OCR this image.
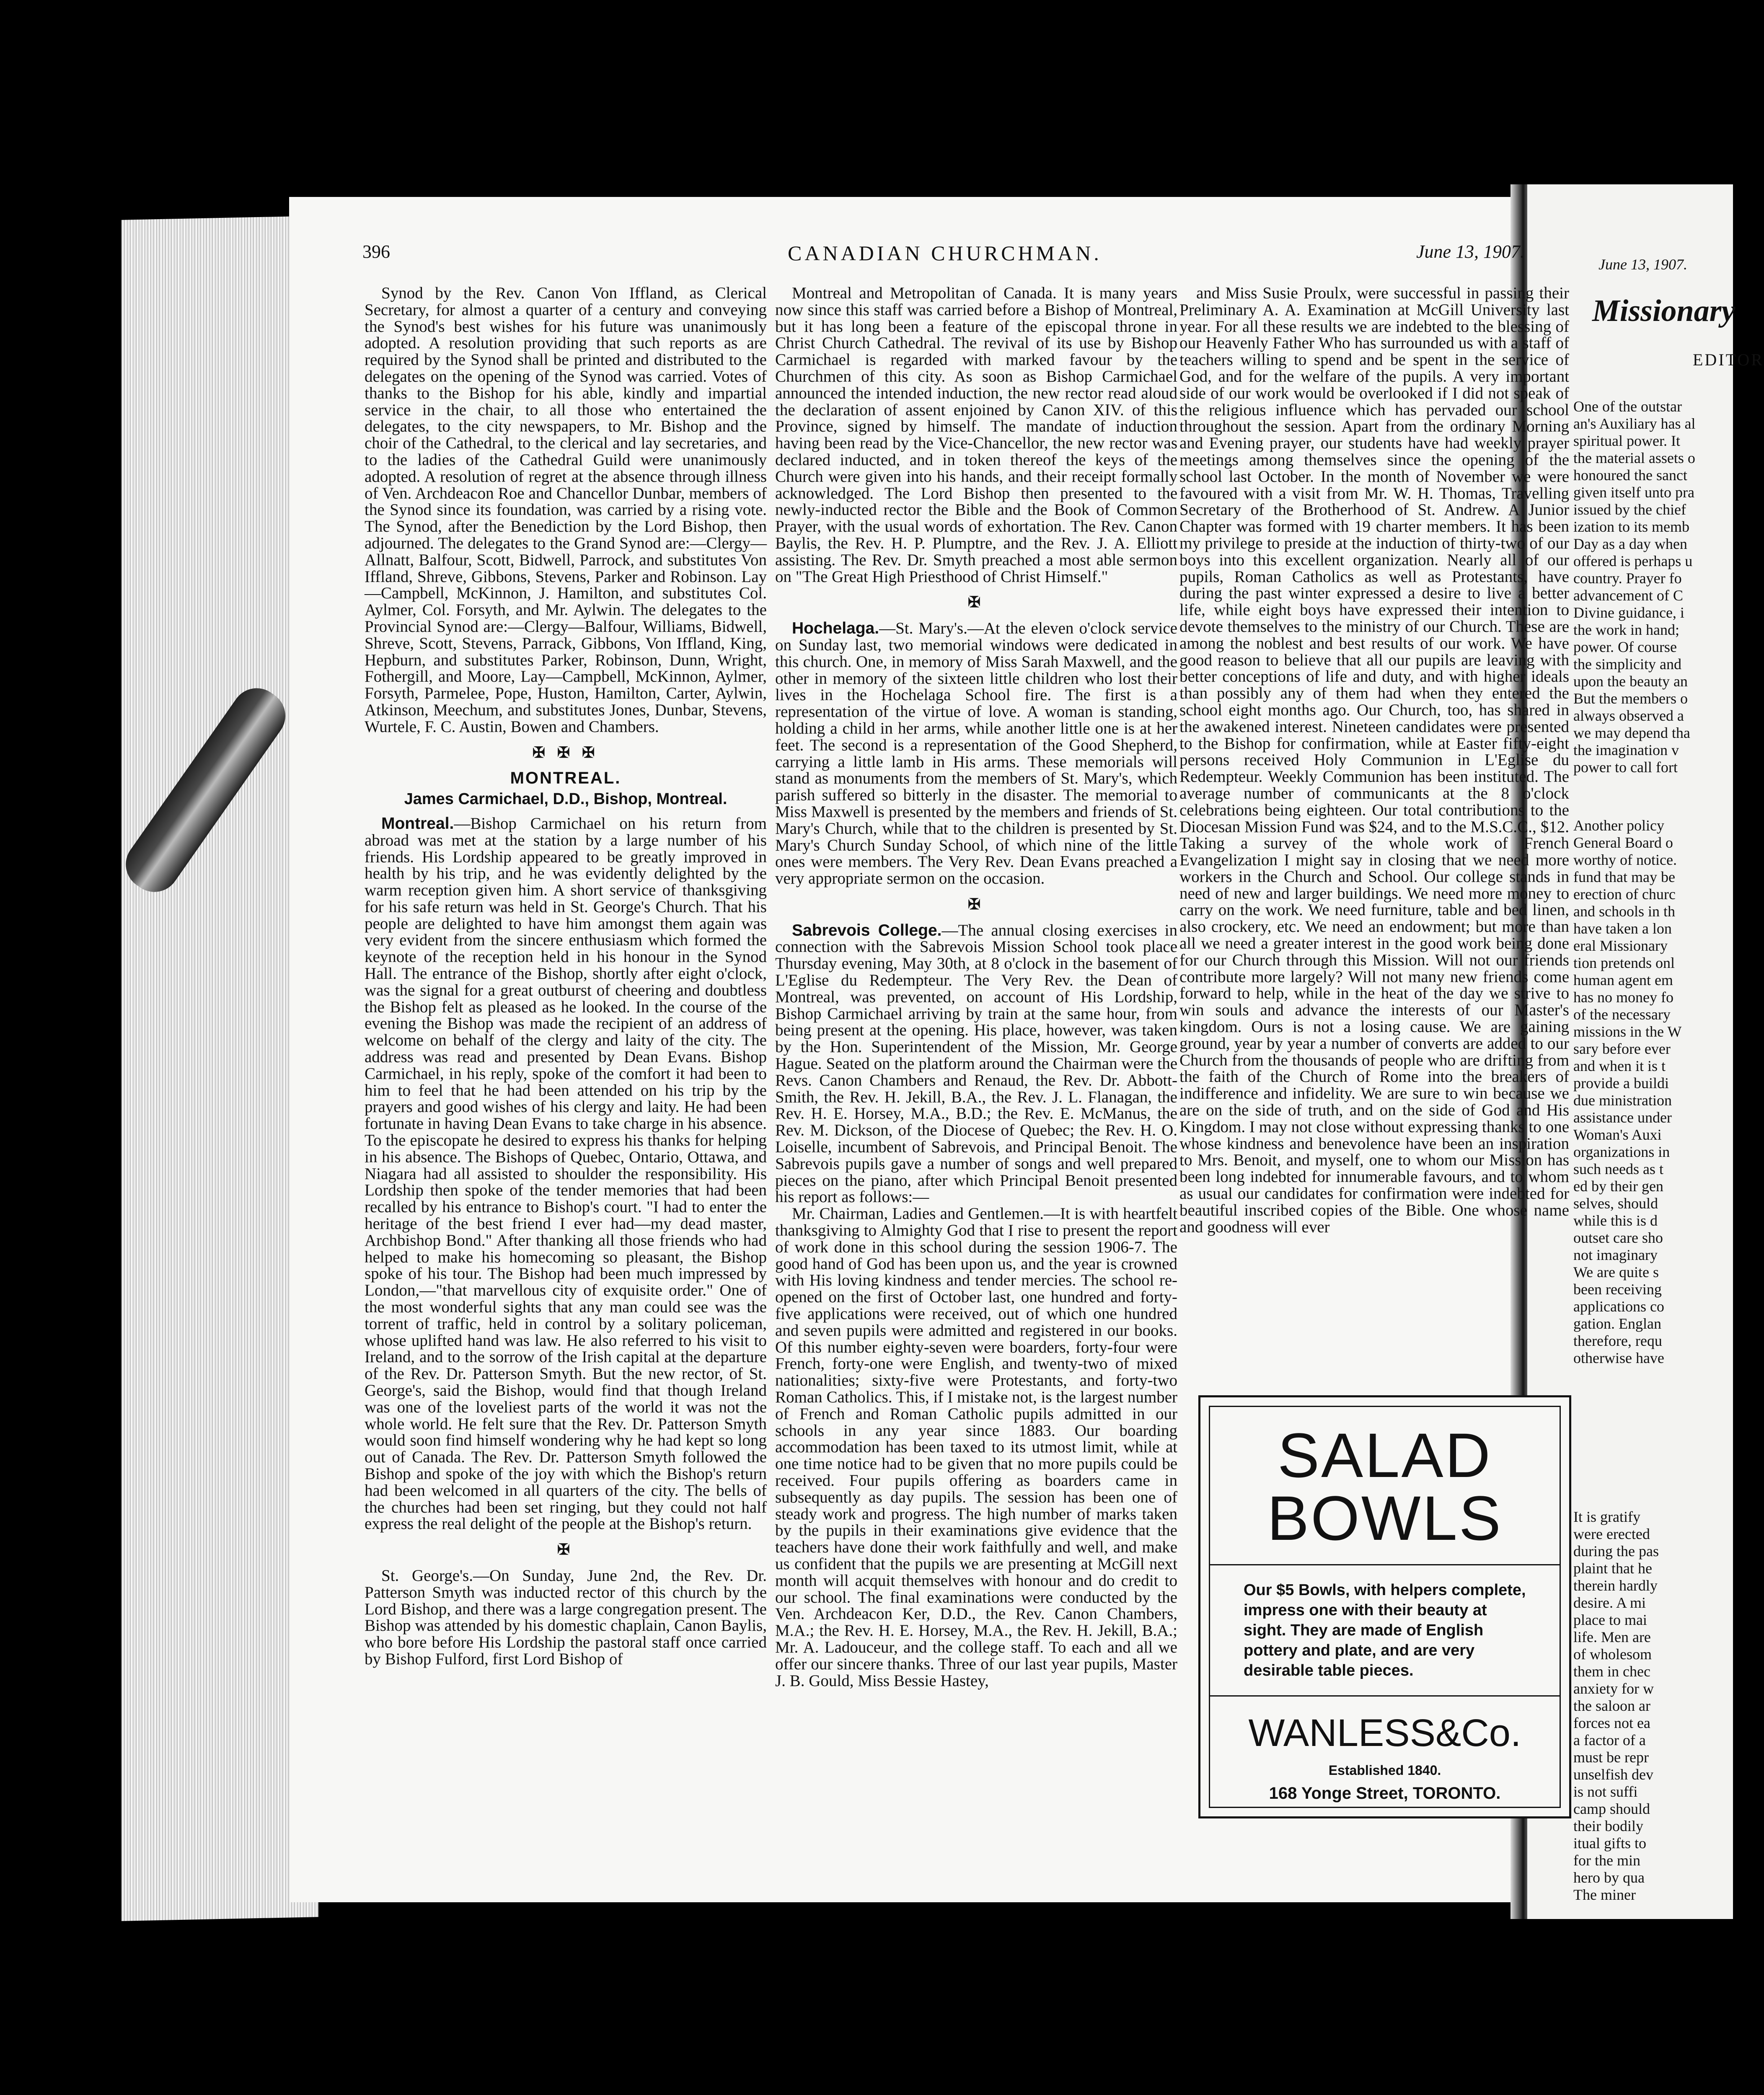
396	CANADIAN CHURCHMAN.	June 13, 1907.

Synod by the Rev. Canon Von Iffland, as Clerical Secretary, for almost a quarter of a century and conveying the Synod's best wishes for his future was unanimously adopted. A resolution providing that such reports as are required by the Synod shall be printed and distributed to the delegates on the opening of the Synod was carried. Votes of thanks to the Bishop for his able, kindly and impartial service in the chair, to all those who entertained the delegates, to the city newspapers, to Mr. Bishop and the choir of the Cathedral, to the clerical and lay secretaries, and to the ladies of the Cathedral Guild were unanimously adopted. A resolution of regret at the absence through illness of Ven. Archdeacon Roe and Chancellor Dunbar, members of the Synod since its foundation, was carried by a rising vote. The Synod, after the Benediction by the Lord Bishop, then adjourned. The delegates to the Grand Synod are:—Clergy—Allnatt, Balfour, Scott, Bidwell, Parrock, and substitutes Von Iffland, Shreve, Gibbons, Stevens, Parker and Robinson. Lay—Campbell, McKinnon, J. Hamilton, and substitutes Col. Aylmer, Col. Forsyth, and Mr. Aylwin. The delegates to the Provincial Synod are:—Clergy—Balfour, Williams, Bidwell, Shreve, Scott, Stevens, Parrack, Gibbons, Von Iffland, King, Hepburn, and substitutes Parker, Robinson, Dunn, Wright, Fothergill, and Moore, Lay—Campbell, McKinnon, Aylmer, Forsyth, Parmelee, Pope, Huston, Hamilton, Carter, Aylwin, Atkinson, Meechum, and substitutes Jones, Dunbar, Stevens, Wurtele, F. C. Austin, Bowen and Chambers.

✠ ✠ ✠
MONTREAL.
James Carmichael, D.D., Bishop, Montreal.

Montreal.—Bishop Carmichael on his return from abroad was met at the station by a large number of his friends. His Lordship appeared to be greatly improved in health by his trip, and he was evidently delighted by the warm reception given him. A short service of thanksgiving for his safe return was held in St. George's Church. That his people are delighted to have him amongst them again was very evident from the sincere enthusiasm which formed the keynote of the reception held in his honour in the Synod Hall. The entrance of the Bishop, shortly after eight o'clock, was the signal for a great outburst of cheering and doubtless the Bishop felt as pleased as he looked. In the course of the evening the Bishop was made the recipient of an address of welcome on behalf of the clergy and laity of the city. The address was read and presented by Dean Evans. Bishop Carmichael, in his reply, spoke of the comfort it had been to him to feel that he had been attended on his trip by the prayers and good wishes of his clergy and laity. He had been fortunate in having Dean Evans to take charge in his absence. To the episcopate he desired to express his thanks for helping in his absence. The Bishops of Quebec, Ontario, Ottawa, and Niagara had all assisted to shoulder the responsibility. His Lordship then spoke of the tender memories that had been recalled by his entrance to Bishop's court. "I had to enter the heritage of the best friend I ever had—my dead master, Archbishop Bond." After thanking all those friends who had helped to make his homecoming so pleasant, the Bishop spoke of his tour. The Bishop had been much impressed by London,—"that marvellous city of exquisite order." One of the most wonderful sights that any man could see was the torrent of traffic, held in control by a solitary policeman, whose uplifted hand was law. He also referred to his visit to Ireland, and to the sorrow of the Irish capital at the departure of the Rev. Dr. Patterson Smyth. But the new rector, of St. George's, said the Bishop, would find that though Ireland was one of the loveliest parts of the world it was not the whole world. He felt sure that the Rev. Dr. Patterson Smyth would soon find himself wondering why he had kept so long out of Canada. The Rev. Dr. Patterson Smyth followed the Bishop and spoke of the joy with which the Bishop's return had been welcomed in all quarters of the city. The bells of the churches had been set ringing, but they could not half express the real delight of the people at the Bishop's return.

✠

St. George's.—On Sunday, June 2nd, the Rev. Dr. Patterson Smyth was inducted rector of this church by the Lord Bishop, and there was a large congregation present. The Bishop was attended by his domestic chaplain, Canon Baylis, who bore before His Lordship the pastoral staff once carried by Bishop Fulford, first Lord Bishop of

Montreal and Metropolitan of Canada. It is many years now since this staff was carried before a Bishop of Montreal, but it has long been a feature of the episcopal throne in Christ Church Cathedral. The revival of its use by Bishop Carmichael is regarded with marked favour by the Churchmen of this city. As soon as Bishop Carmichael announced the intended induction, the new rector read aloud the declaration of assent enjoined by Canon XIV. of this Province, signed by himself. The mandate of induction having been read by the Vice-Chancellor, the new rector was declared inducted, and in token thereof the keys of the Church were given into his hands, and their receipt formally acknowledged. The Lord Bishop then presented to the newly-inducted rector the Bible and the Book of Common Prayer, with the usual words of exhortation. The Rev. Canon Baylis, the Rev. H. P. Plumptre, and the Rev. J. A. Elliott assisting. The Rev. Dr. Smyth preached a most able sermon on "The Great High Priesthood of Christ Himself."

✠

Hochelaga.—St. Mary's.—At the eleven o'clock service on Sunday last, two memorial windows were dedicated in this church. One, in memory of Miss Sarah Maxwell, and the other in memory of the sixteen little children who lost their lives in the Hochelaga School fire. The first is a representation of the virtue of love. A woman is standing, holding a child in her arms, while another little one is at her feet. The second is a representation of the Good Shepherd, carrying a little lamb in His arms. These memorials will stand as monuments from the members of St. Mary's, which parish suffered so bitterly in the disaster. The memorial to Miss Maxwell is presented by the members and friends of St. Mary's Church, while that to the children is presented by St. Mary's Church Sunday School, of which nine of the little ones were members. The Very Rev. Dean Evans preached a very appropriate sermon on the occasion.

✠

Sabrevois College.—The annual closing exercises in connection with the Sabrevois Mission School took place Thursday evening, May 30th, at 8 o'clock in the basement of L'Eglise du Redempteur. The Very Rev. the Dean of Montreal, was prevented, on account of His Lordship, Bishop Carmichael arriving by train at the same hour, from being present at the opening. His place, however, was taken by the Hon. Superintendent of the Mission, Mr. George Hague. Seated on the platform around the Chairman were the Revs. Canon Chambers and Renaud, the Rev. Dr. Abbott-Smith, the Rev. H. Jekill, B.A., the Rev. J. L. Flanagan, the Rev. H. E. Horsey, M.A., B.D.; the Rev. E. McManus, the Rev. M. Dickson, of the Diocese of Quebec; the Rev. H. O. Loiselle, incumbent of Sabrevois, and Principal Benoit. The Sabrevois pupils gave a number of songs and well prepared pieces on the piano, after which Principal Benoit presented his report as follows:—

Mr. Chairman, Ladies and Gentlemen.—It is with heartfelt thanksgiving to Almighty God that I rise to present the report of work done in this school during the session 1906-7. The good hand of God has been upon us, and the year is crowned with His loving kindness and tender mercies. The school re-opened on the first of October last, one hundred and forty-five applications were received, out of which one hundred and seven pupils were admitted and registered in our books. Of this number eighty-seven were boarders, forty-four were French, forty-one were English, and twenty-two of mixed nationalities; sixty-five were Protestants, and forty-two Roman Catholics. This, if I mistake not, is the largest number of French and Roman Catholic pupils admitted in our schools in any year since 1883. Our boarding accommodation has been taxed to its utmost limit, while at one time notice had to be given that no more pupils could be received. Four pupils offering as boarders came in subsequently as day pupils. The session has been one of steady work and progress. The high number of marks taken by the pupils in their examinations give evidence that the teachers have done their work faithfully and well, and make us confident that the pupils we are presenting at McGill next month will acquit themselves with honour and do credit to our school. The final examinations were conducted by the Ven. Archdeacon Ker, D.D., the Rev. Canon Chambers, M.A.; the Rev. H. E. Horsey, M.A., the Rev. H. Jekill, B.A.; Mr. A. Ladouceur, and the college staff. To each and all we offer our sincere thanks. Three of our last year pupils, Master J. B. Gould, Miss Bessie Hastey,

and Miss Susie Proulx, were successful in passing their Preliminary A. A. Examination at McGill University last year. For all these results we are indebted to the blessing of our Heavenly Father Who has surrounded us with a staff of teachers willing to spend and be spent in the service of God, and for the welfare of the pupils. A very important side of our work would be overlooked if I did not speak of the religious influence which has pervaded our school throughout the session. Apart from the ordinary Morning and Evening prayer, our students have had weekly prayer meetings among themselves since the opening of the school last October. In the month of November we were favoured with a visit from Mr. W. H. Thomas, Travelling Secretary of the Brotherhood of St. Andrew. A Junior Chapter was formed with 19 charter members. It has been my privilege to preside at the induction of thirty-two of our boys into this excellent organization. Nearly all of our pupils, Roman Catholics as well as Protestants, have during the past winter expressed a desire to live a better life, while eight boys have expressed their intention to devote themselves to the ministry of our Church. These are among the noblest and best results of our work. We have good reason to believe that all our pupils are leaving with better conceptions of life and duty, and with higher ideals than possibly any of them had when they entered the school eight months ago. Our Church, too, has shared in the awakened interest. Nineteen candidates were presented to the Bishop for confirmation, while at Easter fifty-eight persons received Holy Communion in L'Eglise du Redempteur. Weekly Communion has been instituted. The average number of communicants at the 8 o'clock celebrations being eighteen. Our total contributions to the Diocesan Mission Fund was $24, and to the M.S.C.C., $12. Taking a survey of the whole work of French Evangelization I might say in closing that we need more workers in the Church and School. Our college stands in need of new and larger buildings. We need more money to carry on the work. We need furniture, table and bed linen, also crockery, etc. We need an endowment; but more than all we need a greater interest in the good work being done for our Church through this Mission. Will not our friends contribute more largely? Will not many new friends come forward to help, while in the heat of the day we strive to win souls and advance the interests of our Master's kingdom. Ours is not a losing cause. We are gaining ground, year by year a number of converts are added to our Church from the thousands of people who are drifting from the faith of the Church of Rome into the breakers of indifference and infidelity. We are sure to win because we are on the side of truth, and on the side of God and His Kingdom. I may not close without expressing thanks to one whose kindness and benevolence have been an inspiration to Mrs. Benoit, and myself, one to whom our Mission has been long indebted for innumerable favours, and to whom as usual our candidates for confirmation were indebted for beautiful inscribed copies of the Bible. One whose name and goodness will ever

SALAD
BOWLS
Our $5 Bowls, with helpers complete, impress one with their beauty at sight. They are made of English pottery and plate, and are very desirable table pieces.
WANLESS&Co.
Established 1840.
168 Yonge Street, TORONTO.
June 13, 1907.
Missionary
EDITOR
One of the outstar
an's Auxiliary has al
spiritual power. It
the material assets o
honoured the sanct
given itself unto pra
issued by the chief
ization to its memb
Day as a day when
offered is perhaps u
country. Prayer fo
advancement of C
Divine guidance, i
the work in hand;
power. Of course
the simplicity and
upon the beauty an
But the members o
always observed a
we may depend tha
the imagination v
power to call fort
Another policy
General Board o
worthy of notice.
fund that may be
erection of churc
and schools in th
have taken a lon
eral Missionary
tion pretends onl
human agent em
has no money fo
of the necessary
missions in the W
sary before ever
and when it is t
provide a buildi
due ministration
assistance under
Woman's Auxi
organizations in
such needs as t
ed by their gen
selves, should
while this is d
outset care sho
not imaginary
We are quite s
been receiving
applications co
gation. Englan
therefore, requ
otherwise have
It is gratify
were erected
during the pas
plaint that he
therein hardly
desire. A mi
place to mai
life. Men are
of wholesom
them in chec
anxiety for w
the saloon ar
forces not ea
a factor of a
must be repr
unselfish dev
is not suffi
camp should
their bodily
itual gifts to
for the min
hero by qua
The miner
